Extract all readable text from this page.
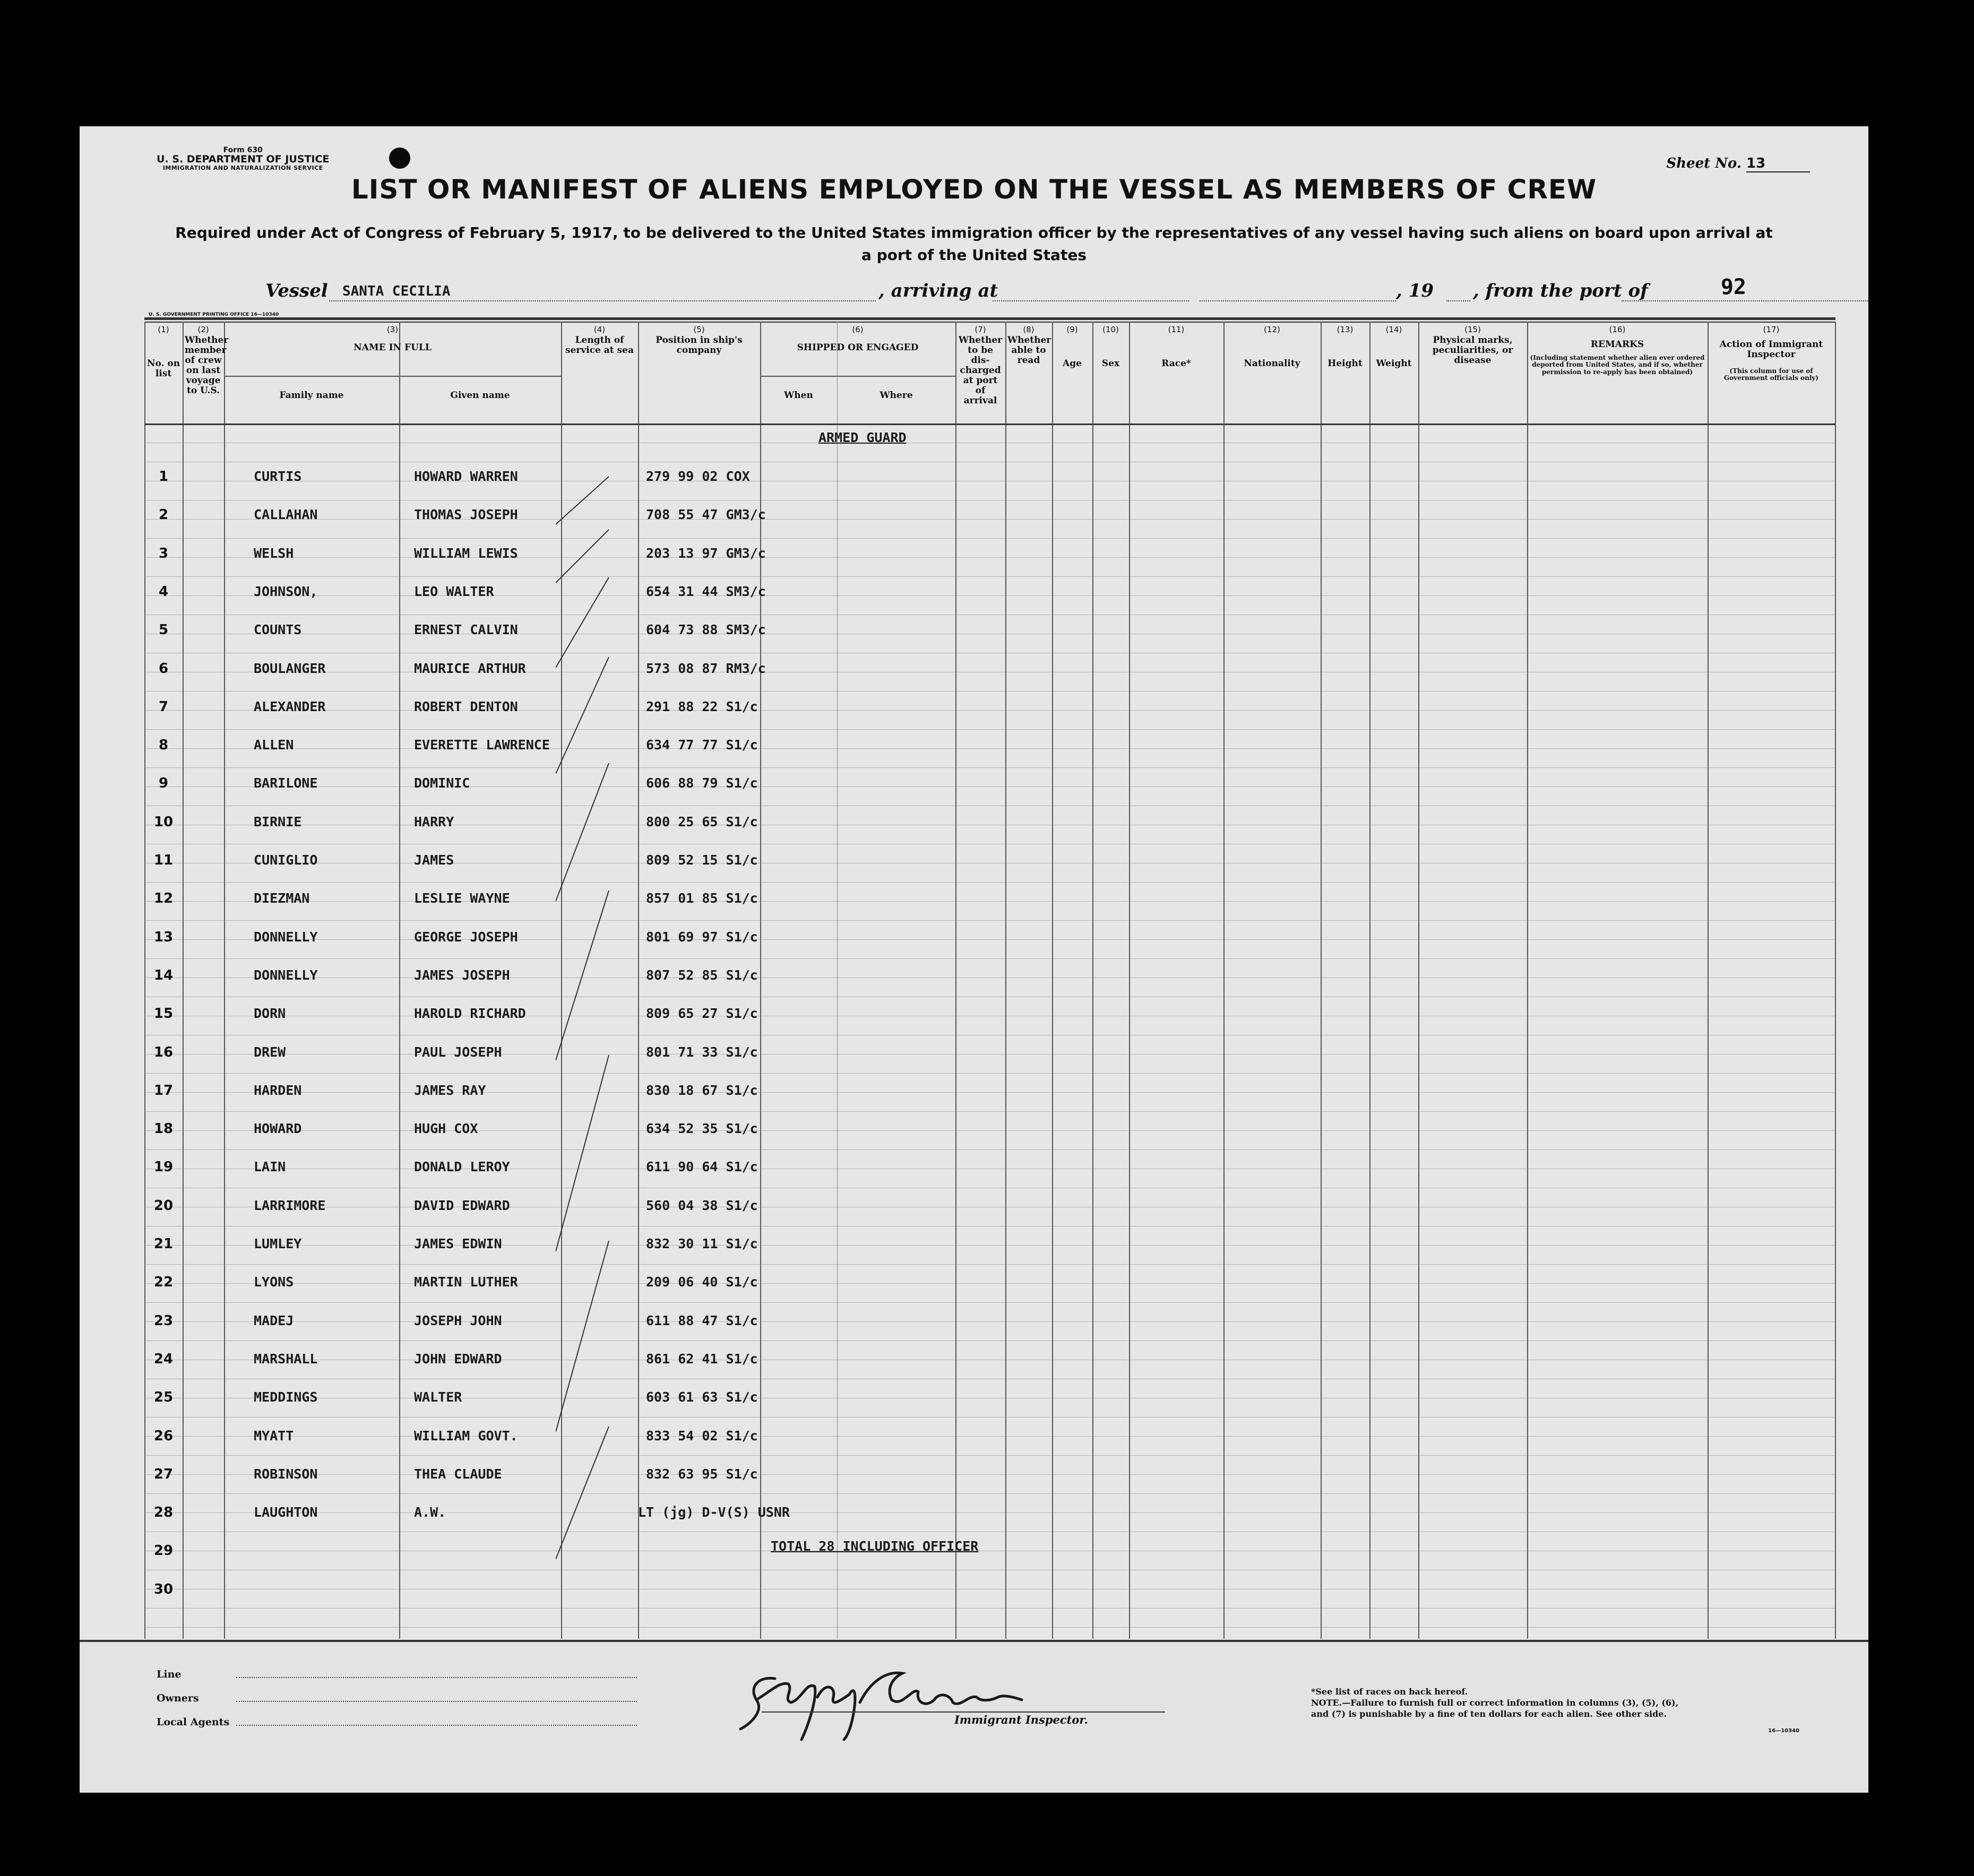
Form 630
U. S. DEPARTMENT OF JUSTICE
IMMIGRATION AND NATURALIZATION SERVICE	Sheet No. 13
LIST OR MANIFEST OF ALIENS EMPLOYED ON THE VESSEL AS MEMBERS OF CREW
Required under Act of Congress of February 5, 1917, to be delivered to the United States immigration officer by the representatives of any vessel having such aliens on board upon arrival at a port of the United States
Vessel SANTA CECILIA	, arriving at	, 19 , from the port of	92
U. S. GOVERNMENT PRINTING OFFICE 16—10340
(1)
No. on list
(2)
Whether member of crew on last voyage to U.S.
(3)
NAME IN FULL
Family name	Given name
(4)
Length of service at sea
(5)
Position in ship's company
(6)
SHIPPED OR ENGAGED
When	Where
(7)
Whether to be dis-charged at port of arrival
(8)
Whether able to read
(9)
Age
(10)
Sex
(11)
Race*
(12)
Nationality
(13)
Height
(14)
Weight
(15)
Physical marks, peculiarities, or disease
(16)
REMARKS
(Including statement whether alien ever ordered deported from United States, and if so, whether permission to re-apply has been obtained)
(17)
Action of Immigrant Inspector
(This column for use of Government officials only)
ARMED GUARD
1	CURTIS	HOWARD WARREN	279 99 02 COX
2	CALLAHAN	THOMAS JOSEPH	708 55 47 GM3/c
3	WELSH	WILLIAM LEWIS	203 13 97 GM3/c
4	JOHNSON,	LEO WALTER	654 31 44 SM3/c
5	COUNTS	ERNEST CALVIN	604 73 88 SM3/c
6	BOULANGER	MAURICE ARTHUR	573 08 87 RM3/c
7	ALEXANDER	ROBERT DENTON	291 88 22 S1/c
8	ALLEN	EVERETTE LAWRENCE	634 77 77 S1/c
9	BARILONE	DOMINIC	606 88 79 S1/c
10	BIRNIE	HARRY	800 25 65 S1/c
11	CUNIGLIO	JAMES	809 52 15 S1/c
12	DIEZMAN	LESLIE WAYNE	857 01 85 S1/c
13	DONNELLY	GEORGE JOSEPH	801 69 97 S1/c
14	DONNELLY	JAMES JOSEPH	807 52 85 S1/c
15	DORN	HAROLD RICHARD	809 65 27 S1/c
16	DREW	PAUL JOSEPH	801 71 33 S1/c
17	HARDEN	JAMES RAY	830 18 67 S1/c
18	HOWARD	HUGH COX	634 52 35 S1/c
19	LAIN	DONALD LEROY	611 90 64 S1/c
20	LARRIMORE	DAVID EDWARD	560 04 38 S1/c
21	LUMLEY	JAMES EDWIN	832 30 11 S1/c
22	LYONS	MARTIN LUTHER	209 06 40 S1/c
23	MADEJ	JOSEPH JOHN	611 88 47 S1/c
24	MARSHALL	JOHN EDWARD	861 62 41 S1/c
25	MEDDINGS	WALTER	603 61 63 S1/c
26	MYATT	WILLIAM GOVT.	833 54 02 S1/c
27	ROBINSON	THEA CLAUDE	832 63 95 S1/c
28	LAUGHTON	A.W.	LT (jg) D-V(S) USNR
29
30
TOTAL 28 INCLUDING OFFICER
Line
Owners
Local Agents	Immigrant Inspector.
*See list of races on back hereof.
NOTE.—Failure to furnish full or correct information in columns (3), (5), (6), and (7) is punishable by a fine of ten dollars for each alien. See other side.
16—10340
